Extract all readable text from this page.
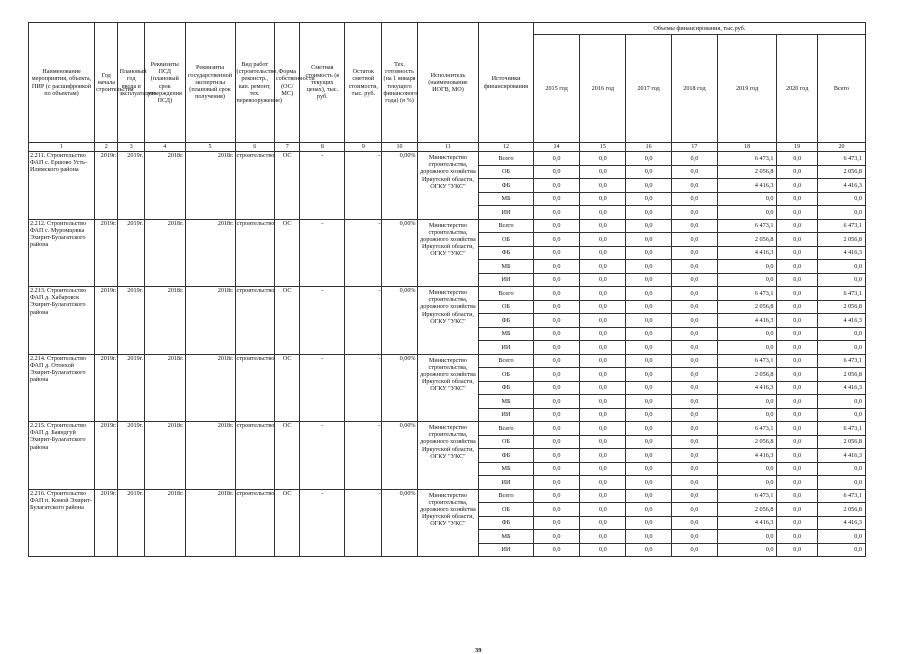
Наименование мероприятия, объекта, ПИР (с расшифровкой по объектам)	Год начала строительства	Плановый год ввода в эксплуатацию	Реквизиты ПСД (плановый срок утверждения ПСД)	Реквизиты государственной экспертизы (плановый срок получения)	Вид работ (строительство, реконстр., кап. ремонт, тех. перевооружение)	Форма собственности (ОС/МС)	Сметная стоимость (в текущих ценах), тыс. руб.	Остаток сметной стоимости, тыс. руб.	Тех. готовность (на 1 января текущего финансового года) (в %)	Исполнитель (наименование ИОГВ, МО)	Источники финансирования	Объемы финансирования, тыс.руб.						
												2015 год	2016 год	2017 год	2018 год	2019 год	2020 год	Всего
1	2	3	4	5	6	7	8	9	10	11	12	14	15	16	17	18	19	20
2.211. Строительство ФАП с. Ершово Усть-Илимского района	2019г.	2019г.	2018г.	2018г.	строительство	ОС	-	-	0,00%	Министерство строительства, дорожного хозяйства Иркутской области, ОГКУ "УКС"	Всего	0,0	0,0	0,0	0,0	6 473,1	0,0	6 473,1
											ОБ	0,0	0,0	0,0	0,0	2 056,8	0,0	2 056,8
											ФБ	0,0	0,0	0,0	0,0	4 416,3	0,0	4 416,3
											МБ	0,0	0,0	0,0	0,0	0,0	0,0	0,0
											ИИ	0,0	0,0	0,0	0,0	0,0	0,0	0,0
2.212. Строительство ФАП с. Муромцовка Эхирит-Булагатского района	2019г.	2019г.	2018г.	2018г.	строительство	ОС	-	-	0,00%	Министерство строительства, дорожного хозяйства Иркутской области, ОГКУ "УКС"	Всего	0,0	0,0	0,0	0,0	6 473,1	0,0	6 473,1
											ОБ	0,0	0,0	0,0	0,0	2 056,8	0,0	2 056,8
											ФБ	0,0	0,0	0,0	0,0	4 416,3	0,0	4 416,3
											МБ	0,0	0,0	0,0	0,0	0,0	0,0	0,0
											ИИ	0,0	0,0	0,0	0,0	0,0	0,0	0,0
2.213. Строительство ФАП д. Хабаровск Эхирит-Булагатского района	2019г.	2019г.	2018г.	2018г.	строительство	ОС	-	-	0,00%	Министерство строительства, дорожного хозяйства Иркутской области, ОГКУ "УКС"	Всего	0,0	0,0	0,0	0,0	6 473,1	0,0	6 473,1
											ОБ	0,0	0,0	0,0	0,0	2 056,8	0,0	2 056,8
											ФБ	0,0	0,0	0,0	0,0	4 416,3	0,0	4 416,3
											МБ	0,0	0,0	0,0	0,0	0,0	0,0	0,0
											ИИ	0,0	0,0	0,0	0,0	0,0	0,0	0,0
2.214. Строительство ФАП д. Отонхой Эхирит-Булагатского района	2019г.	2019г.	2018г.	2018г.	строительство	ОС	-	-	0,00%	Министерство строительства, дорожного хозяйства Иркутской области, ОГКУ "УКС"	Всего	0,0	0,0	0,0	0,0	6 473,1	0,0	6 473,1
											ОБ	0,0	0,0	0,0	0,0	2 056,8	0,0	2 056,8
											ФБ	0,0	0,0	0,0	0,0	4 416,3	0,0	4 416,3
											МБ	0,0	0,0	0,0	0,0	0,0	0,0	0,0
											ИИ	0,0	0,0	0,0	0,0	0,0	0,0	0,0
2.215. Строительство ФАП д. Баяндгуй Эхирит-Булагатского района	2019г.	2019г.	2018г.	2018г.	строительство	ОС	-	-	0,00%	Министерство строительства, дорожного хозяйства Иркутской области, ОГКУ "УКС"	Всего	0,0	0,0	0,0	0,0	6 473,1	0,0	6 473,1
											ОБ	0,0	0,0	0,0	0,0	2 056,8	0,0	2 056,8
											ФБ	0,0	0,0	0,0	0,0	4 416,3	0,0	4 416,3
											МБ	0,0	0,0	0,0	0,0	0,0	0,0	0,0
											ИИ	0,0	0,0	0,0	0,0	0,0	0,0	0,0
2.216. Строительство ФАП п. Комой Эхирит-Булагатского района	2019г.	2019г.	2018г.	2018г.	строительство	ОС	-	-	0,00%	Министерство строительства, дорожного хозяйства Иркутской области, ОГКУ "УКС"	Всего	0,0	0,0	0,0	0,0	6 473,1	0,0	6 473,1
											ОБ	0,0	0,0	0,0	0,0	2 056,8	0,0	2 056,8
											ФБ	0,0	0,0	0,0	0,0	4 416,3	0,0	4 416,3
											МБ	0,0	0,0	0,0	0,0	0,0	0,0	0,0
											ИИ	0,0	0,0	0,0	0,0	0,0	0,0	0,0
39
